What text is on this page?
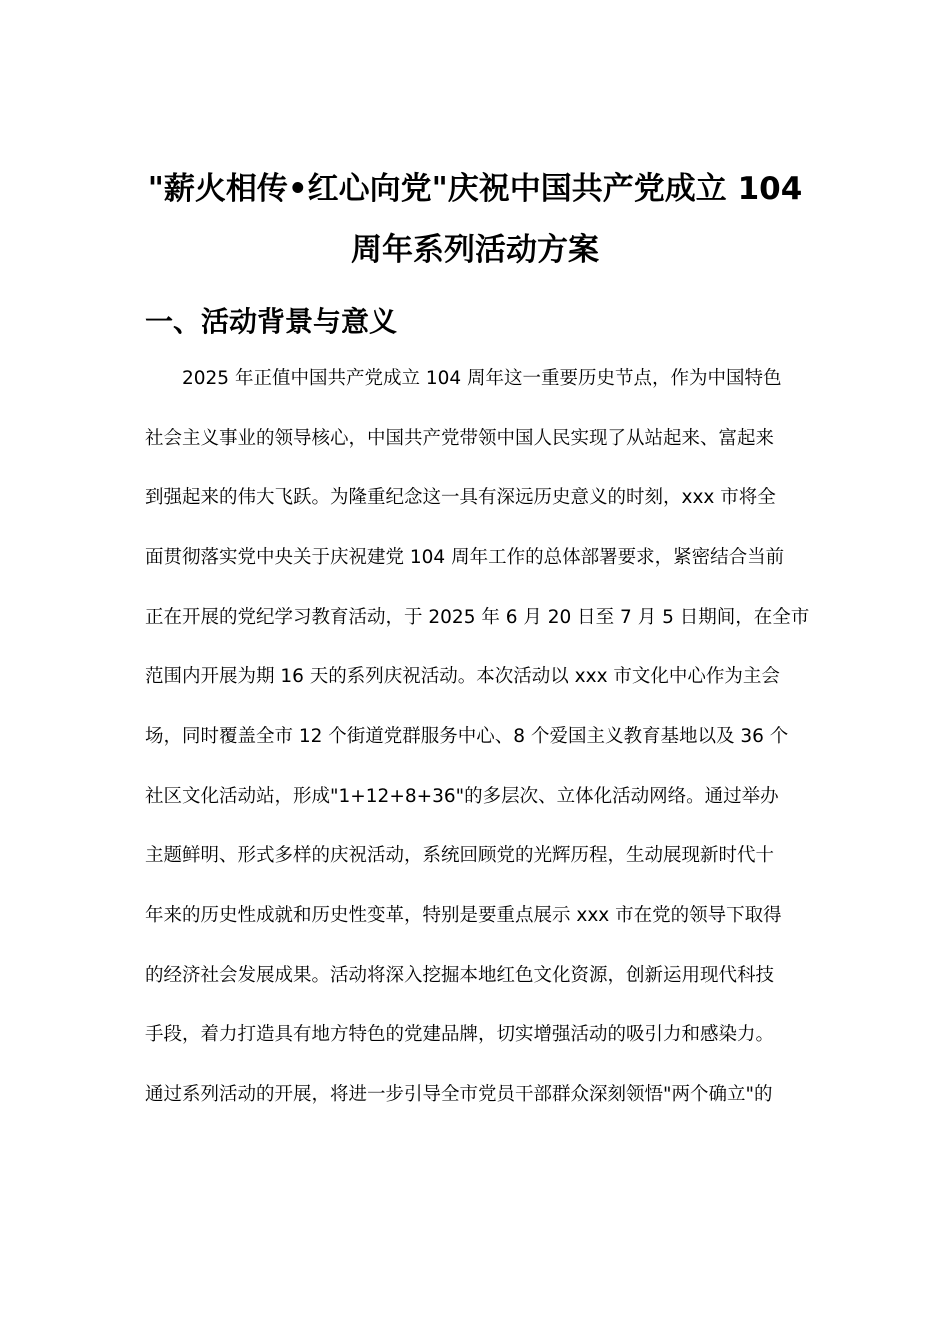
"薪火相传•红心向党"庆祝中国共产党成立 104
周年系列活动方案
一、活动背景与意义
2025 年正值中国共产党成立 104 周年这一重要历史节点，作为中国特色
社会主义事业的领导核心，中国共产党带领中国人民实现了从站起来、富起来
到强起来的伟大飞跃。为隆重纪念这一具有深远历史意义的时刻，xxx 市将全
面贯彻落实党中央关于庆祝建党 104 周年工作的总体部署要求，紧密结合当前
正在开展的党纪学习教育活动，于 2025 年 6 月 20 日至 7 月 5 日期间，在全市
范围内开展为期 16 天的系列庆祝活动。本次活动以 xxx 市文化中心作为主会
场，同时覆盖全市 12 个街道党群服务中心、8 个爱国主义教育基地以及 36 个
社区文化活动站，形成"1+12+8+36"的多层次、立体化活动网络。通过举办
主题鲜明、形式多样的庆祝活动，系统回顾党的光辉历程，生动展现新时代十
年来的历史性成就和历史性变革，特别是要重点展示 xxx 市在党的领导下取得
的经济社会发展成果。活动将深入挖掘本地红色文化资源，创新运用现代科技
手段，着力打造具有地方特色的党建品牌，切实增强活动的吸引力和感染力。
通过系列活动的开展，将进一步引导全市党员干部群众深刻领悟"两个确立"的
